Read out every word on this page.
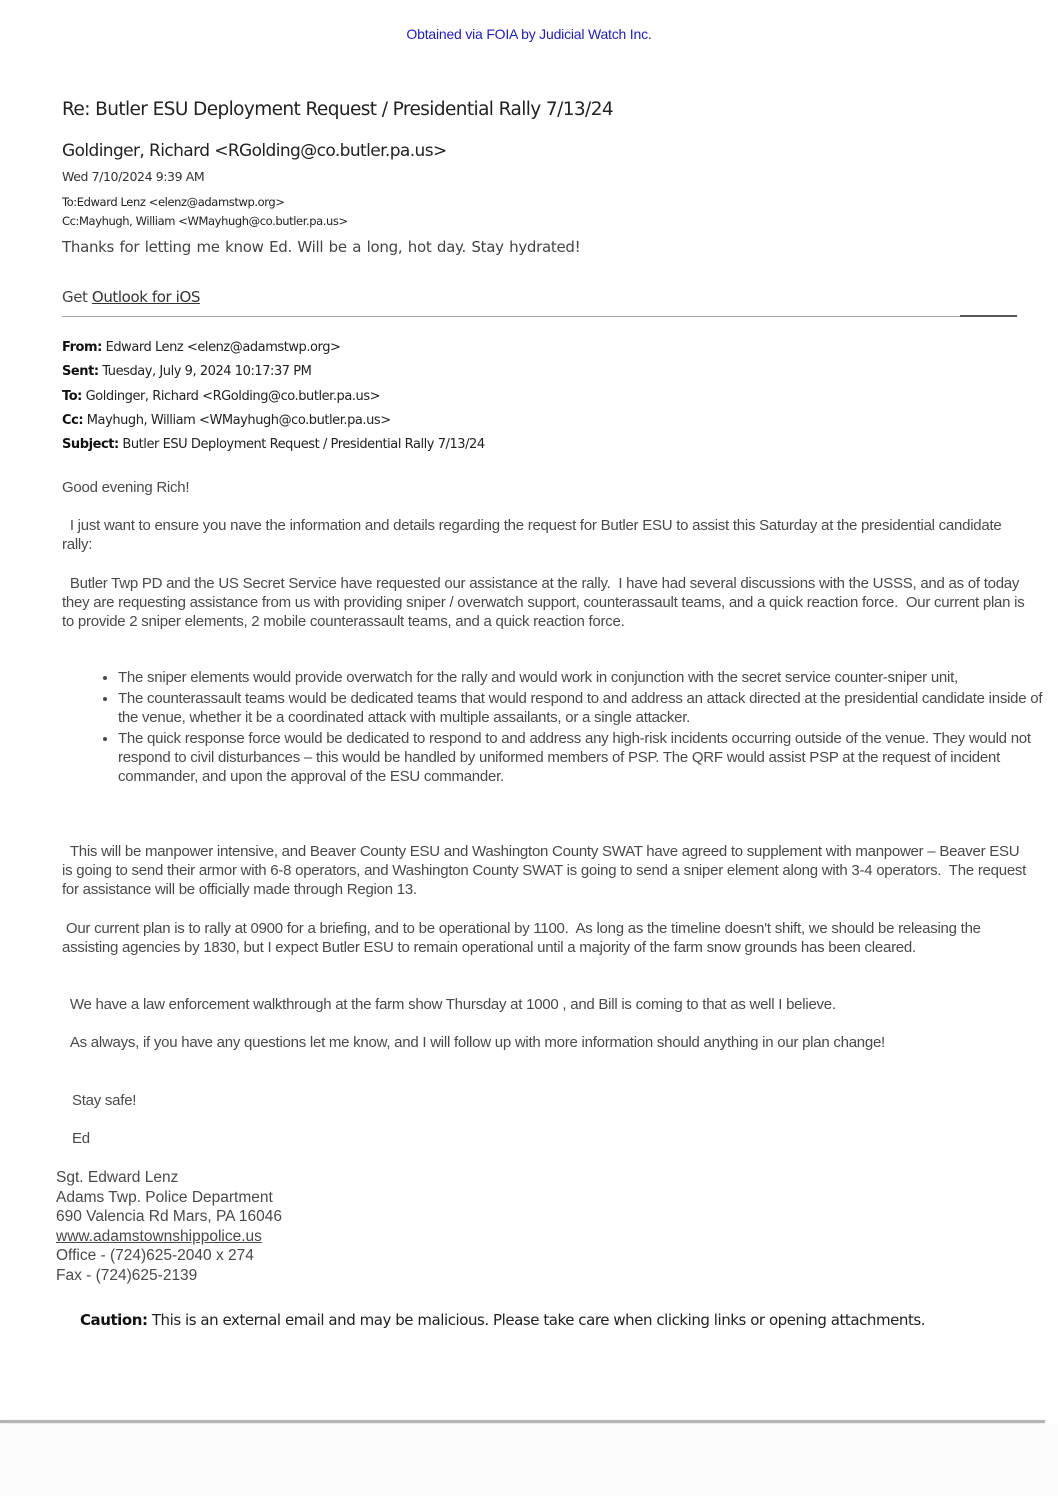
Obtained via FOIA by Judicial Watch Inc.
Re: Butler ESU Deployment Request / Presidential Rally 7/13/24
Goldinger, Richard <RGolding@co.butler.pa.us>
Wed 7/10/2024 9:39 AM
To:Edward Lenz <elenz@adamstwp.org>
Cc:Mayhugh, William <WMayhugh@co.butler.pa.us>
Thanks for letting me know Ed. Will be a long, hot day. Stay hydrated!
Get Outlook for iOS
From: Edward Lenz <elenz@adamstwp.org>
Sent: Tuesday, July 9, 2024 10:17:37 PM
To: Goldinger, Richard <RGolding@co.butler.pa.us>
Cc: Mayhugh, William <WMayhugh@co.butler.pa.us>
Subject: Butler ESU Deployment Request / Presidential Rally 7/13/24
Good evening Rich!
I just want to ensure you nave the information and details regarding the request for Butler ESU to assist this Saturday at the presidential candidate rally:
Butler Twp PD and the US Secret Service have requested our assistance at the rally.  I have had several discussions with the USSS, and as of today they are requesting assistance from us with providing sniper / overwatch support, counterassault teams, and a quick reaction force.  Our current plan is to provide 2 sniper elements, 2 mobile counterassault teams, and a quick reaction force.
• The sniper elements would provide overwatch for the rally and would work in conjunction with the secret service counter-sniper unit,
• The counterassault teams would be dedicated teams that would respond to and address an attack directed at the presidential candidate inside of the venue, whether it be a coordinated attack with multiple assailants, or a single attacker.
• The quick response force would be dedicated to respond to and address any high-risk incidents occurring outside of the venue. They would not respond to civil disturbances – this would be handled by uniformed members of PSP. The QRF would assist PSP at the request of incident commander, and upon the approval of the ESU commander.
This will be manpower intensive, and Beaver County ESU and Washington County SWAT have agreed to supplement with manpower – Beaver ESU is going to send their armor with 6-8 operators, and Washington County SWAT is going to send a sniper element along with 3-4 operators.  The request for assistance will be officially made through Region 13.
Our current plan is to rally at 0900 for a briefing, and to be operational by 1100.  As long as the timeline doesn't shift, we should be releasing the assisting agencies by 1830, but I expect Butler ESU to remain operational until a majority of the farm snow grounds has been cleared.
We have a law enforcement walkthrough at the farm show Thursday at 1000 , and Bill is coming to that as well I believe.
As always, if you have any questions let me know, and I will follow up with more information should anything in our plan change!
Stay safe!
Ed
Sgt. Edward Lenz
Adams Twp. Police Department
690 Valencia Rd Mars, PA 16046
www.adamstownshippolice.us
Office - (724)625-2040 x 274
Fax - (724)625-2139
Caution: This is an external email and may be malicious. Please take care when clicking links or opening attachments.
